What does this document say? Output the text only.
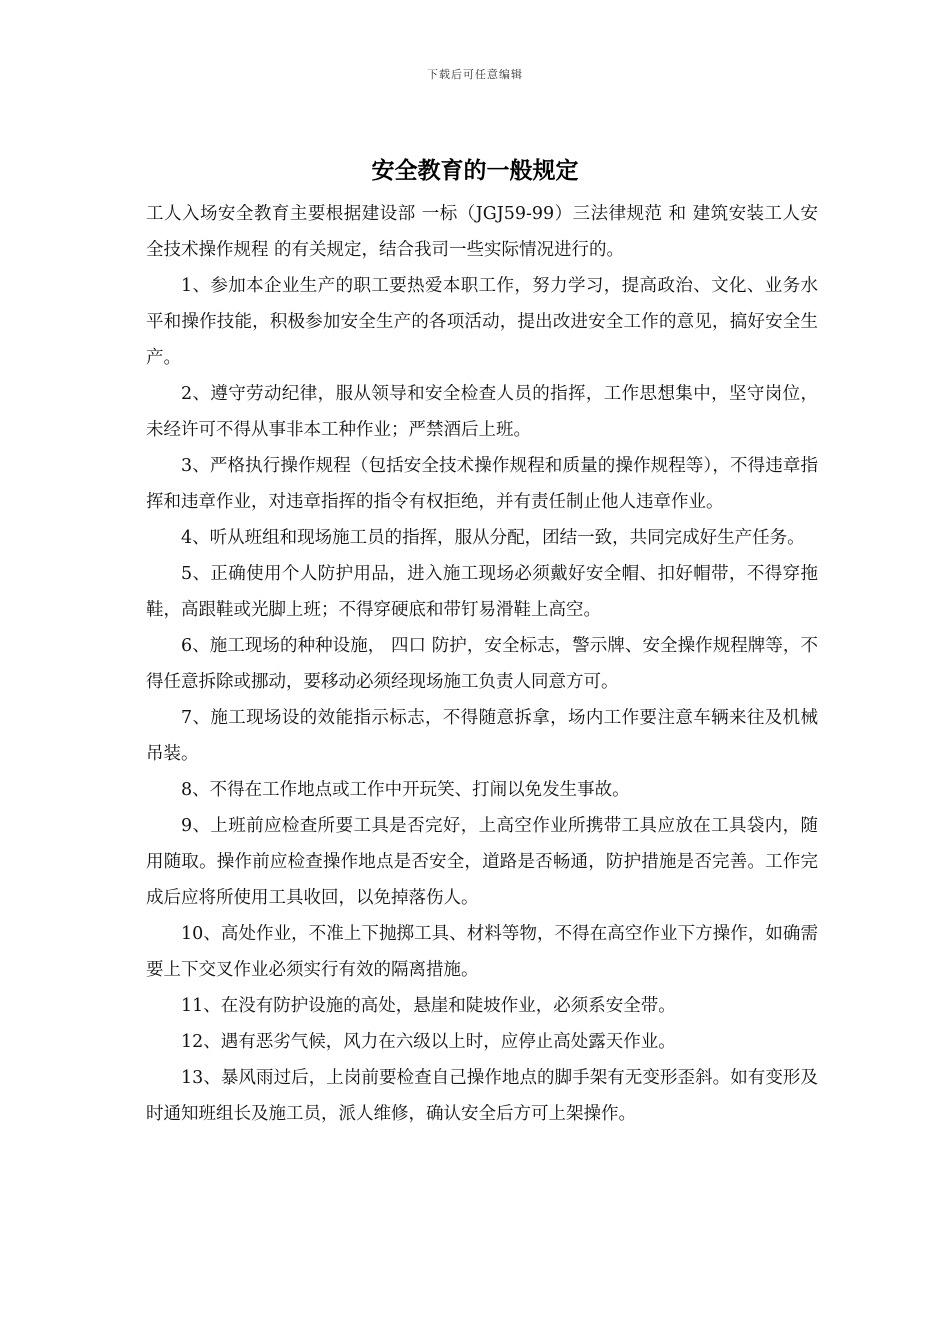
下载后可任意编辑
安全教育的一般规定

工人入场安全教育主要根据建设部 一标（JGJ59-99）三法律规范 和 建筑安装工人安全技术操作规程 的有关规定，结合我司一些实际情况进行的。

1、参加本企业生产的职工要热爱本职工作，努力学习，提高政治、文化、业务水平和操作技能，积极参加安全生产的各项活动，提出改进安全工作的意见，搞好安全生产。

2、遵守劳动纪律，服从领导和安全检查人员的指挥，工作思想集中，坚守岗位，未经许可不得从事非本工种作业；严禁酒后上班。

3、严格执行操作规程（包括安全技术操作规程和质量的操作规程等），不得违章指挥和违章作业，对违章指挥的指令有权拒绝，并有责任制止他人违章作业。

4、听从班组和现场施工员的指挥，服从分配，团结一致，共同完成好生产任务。

5、正确使用个人防护用品，进入施工现场必须戴好安全帽、扣好帽带，不得穿拖鞋，高跟鞋或光脚上班；不得穿硬底和带钉易滑鞋上高空。

6、施工现场的种种设施， 四口 防护，安全标志，警示牌、安全操作规程牌等，不得任意拆除或挪动，要移动必须经现场施工负责人同意方可。

7、施工现场设的效能指示标志，不得随意拆拿，场内工作要注意车辆来往及机械吊装。

8、不得在工作地点或工作中开玩笑、打闹以免发生事故。

9、上班前应检查所要工具是否完好，上高空作业所携带工具应放在工具袋内，随用随取。操作前应检查操作地点是否安全，道路是否畅通，防护措施是否完善。工作完成后应将所使用工具收回，以免掉落伤人。

10、高处作业，不准上下抛掷工具、材料等物，不得在高空作业下方操作，如确需要上下交叉作业必须实行有效的隔离措施。

11、在没有防护设施的高处，悬崖和陡坡作业，必须系安全带。

12、遇有恶劣气候，风力在六级以上时，应停止高处露天作业。

13、暴风雨过后，上岗前要检查自己操作地点的脚手架有无变形歪斜。如有变形及时通知班组长及施工员，派人维修，确认安全后方可上架操作。
